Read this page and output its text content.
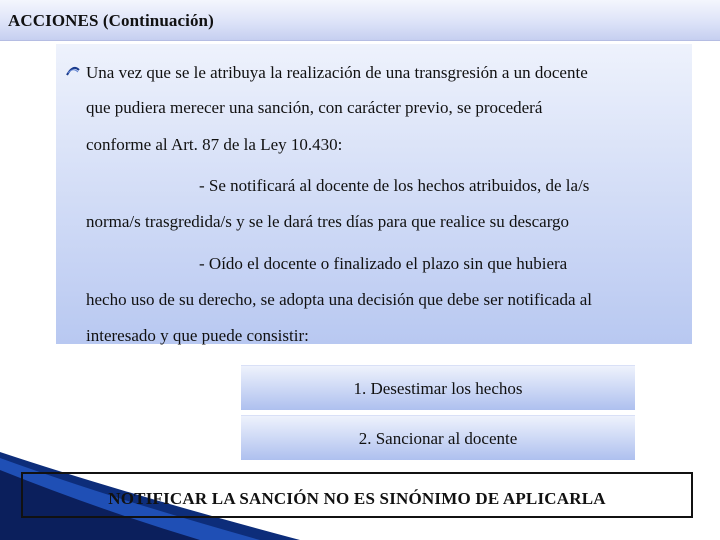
ACCIONES (Continuación)
Una vez que se le atribuya la realización de una transgresión a un docente
que pudiera merecer una sanción, con carácter previo, se procederá
conforme al Art. 87 de la Ley 10.430:
- Se notificará al docente de los hechos atribuidos, de la/s
norma/s trasgredida/s y se le dará tres días para que realice su descargo
- Oído el docente o finalizado el plazo sin que hubiera
hecho uso de su derecho, se adopta una decisión que debe ser notificada al
interesado y que puede consistir:
1. Desestimar los hechos
2. Sancionar al docente
NOTIFICAR LA SANCIÓN NO ES SINÓNIMO DE APLICARLA
